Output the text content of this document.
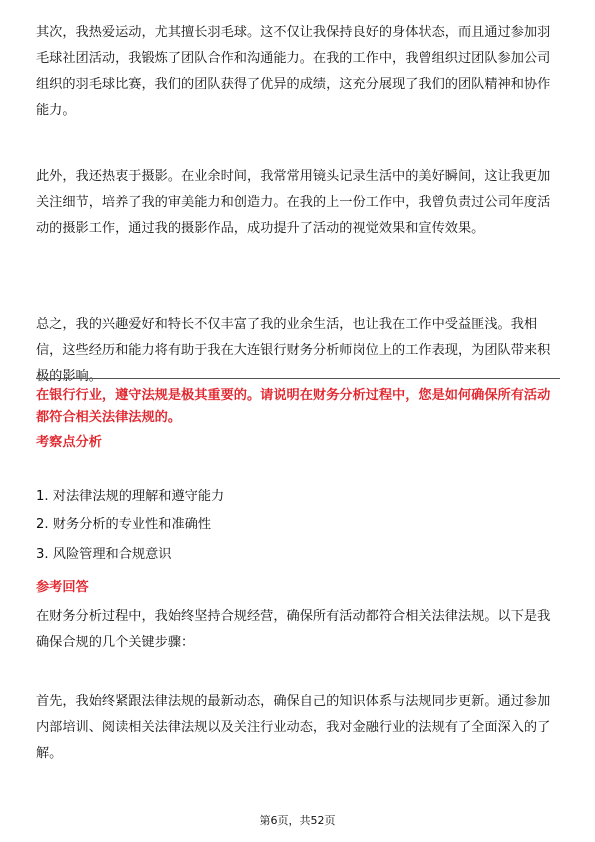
其次，我热爱运动，尤其擅长羽毛球。这不仅让我保持良好的身体状态，而且通过参加羽毛球社团活动，我锻炼了团队合作和沟通能力。在我的工作中，我曾组织过团队参加公司组织的羽毛球比赛，我们的团队获得了优异的成绩，这充分展现了我们的团队精神和协作能力。

此外，我还热衷于摄影。在业余时间，我常常用镜头记录生活中的美好瞬间，这让我更加关注细节，培养了我的审美能力和创造力。在我的上一份工作中，我曾负责过公司年度活动的摄影工作，通过我的摄影作品，成功提升了活动的视觉效果和宣传效果。

总之，我的兴趣爱好和特长不仅丰富了我的业余生活，也让我在工作中受益匪浅。我相信，这些经历和能力将有助于我在大连银行财务分析师岗位上的工作表现，为团队带来积极的影响。

在银行行业，遵守法规是极其重要的。请说明在财务分析过程中，您是如何确保所有活动都符合相关法律法规的。

考察点分析

1. 对法律法规的理解和遵守能力

2. 财务分析的专业性和准确性

3. 风险管理和合规意识

参考回答

在财务分析过程中，我始终坚持合规经营，确保所有活动都符合相关法律法规。以下是我确保合规的几个关键步骤：

首先，我始终紧跟法律法规的最新动态，确保自己的知识体系与法规同步更新。通过参加内部培训、阅读相关法律法规以及关注行业动态，我对金融行业的法规有了全面深入的了解。

第6页，共52页
